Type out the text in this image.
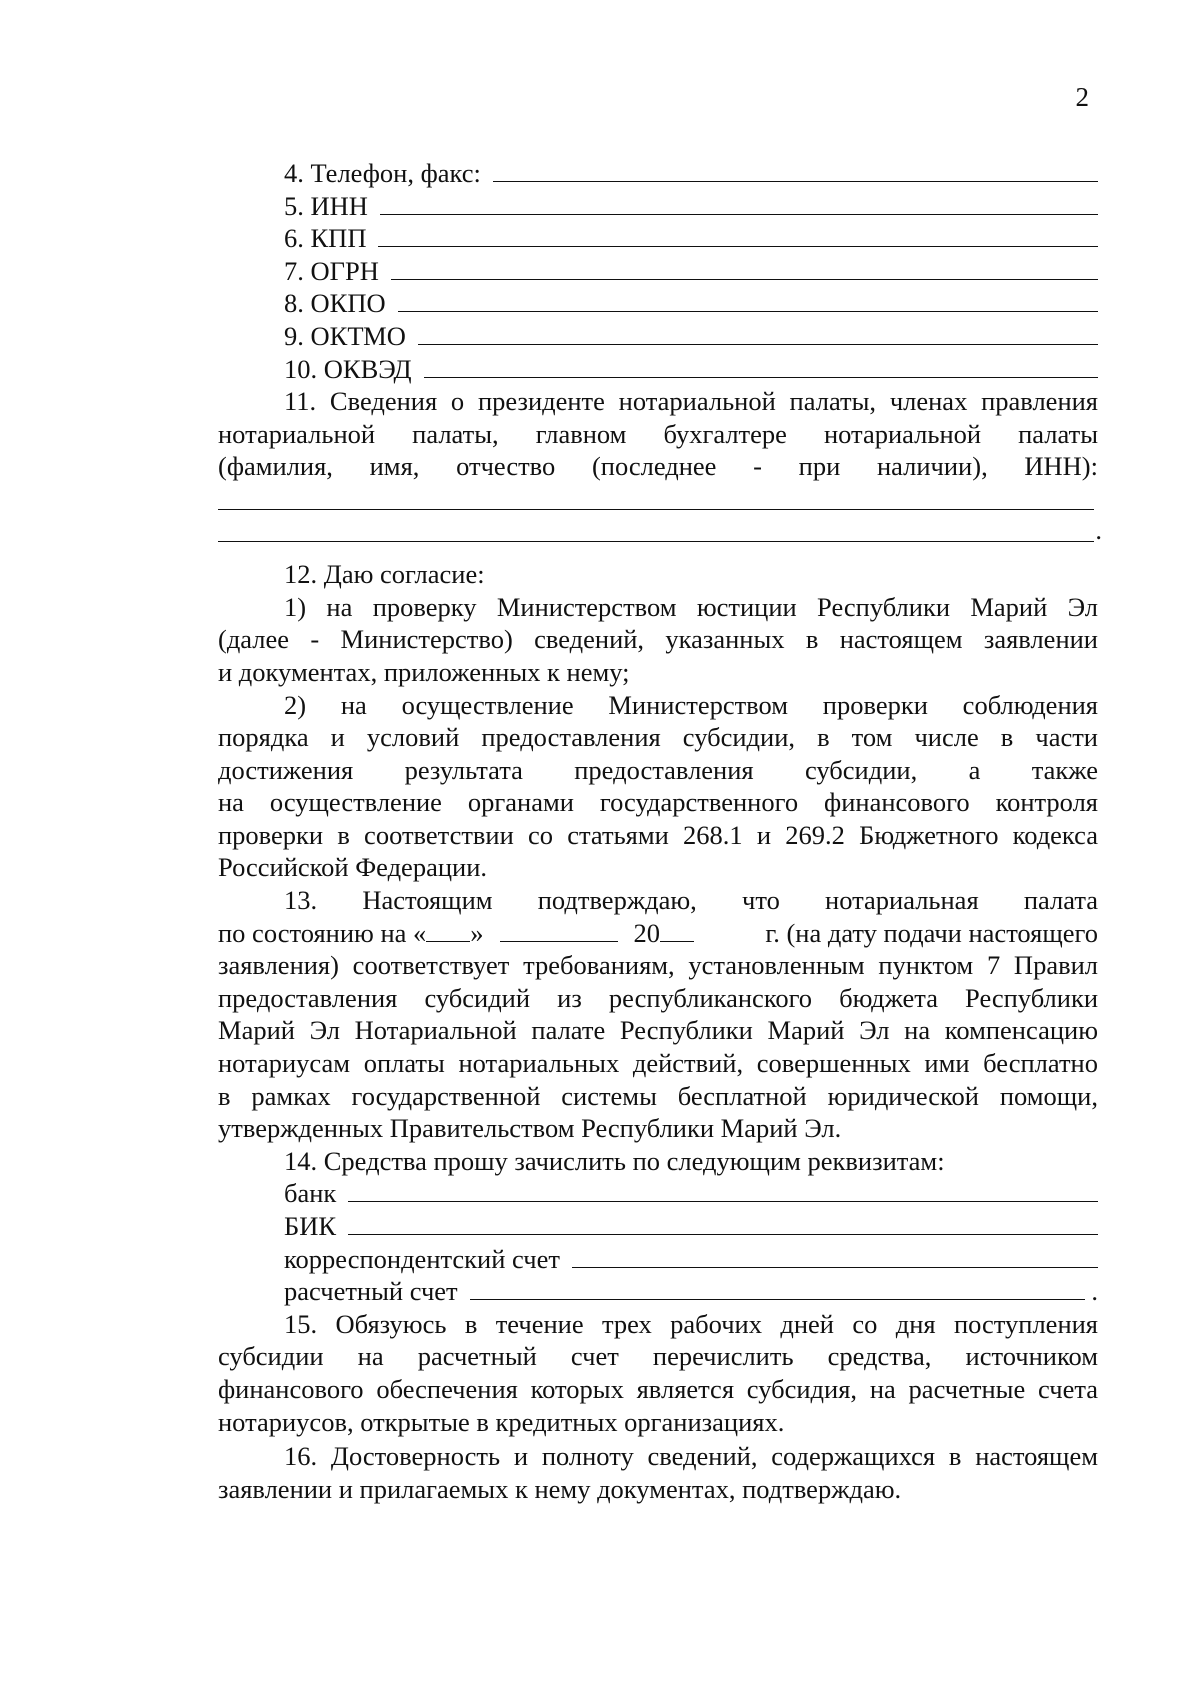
2
4. Телефон, факс:
5. ИНН
6. КПП
7. ОГРН
8. ОКПО
9. ОКТМО
10. ОКВЭД
11. Сведения о президенте нотариальной палаты, членах правления
нотариальной палаты, главном бухгалтере нотариальной палаты
(фамилия, имя, отчество (последнее - при наличии), ИНН):
.
12. Даю согласие:
1) на проверку Министерством юстиции Республики Марий Эл
(далее - Министерство) сведений, указанных в настоящем заявлении
и документах, приложенных к нему;
2) на осуществление Министерством проверки соблюдения
порядка и условий предоставления субсидии, в том числе в части
достижения результата предоставления субсидии, а также
на осуществление органами государственного финансового контроля
проверки в соответствии со статьями 268.1 и 269.2 Бюджетного кодекса
Российской Федерации.
13. Настоящим подтверждаю, что нотариальная палата
по состоянию на « »	20	г. (на дату подачи настоящего
заявления) соответствует требованиям, установленным пунктом 7 Правил
предоставления субсидий из республиканского бюджета Республики
Марий Эл Нотариальной палате Республики Марий Эл на компенсацию
нотариусам оплаты нотариальных действий, совершенных ими бесплатно
в рамках государственной системы бесплатной юридической помощи,
утвержденных Правительством Республики Марий Эл.
14. Средства прошу зачислить по следующим реквизитам:
банк
БИК
корреспондентский счет
расчетный счет	.
15. Обязуюсь в течение трех рабочих дней со дня поступления
субсидии на расчетный счет перечислить средства, источником
финансового обеспечения которых является субсидия, на расчетные счета
нотариусов, открытые в кредитных организациях.
16. Достоверность и полноту сведений, содержащихся в настоящем
заявлении и прилагаемых к нему документах, подтверждаю.
